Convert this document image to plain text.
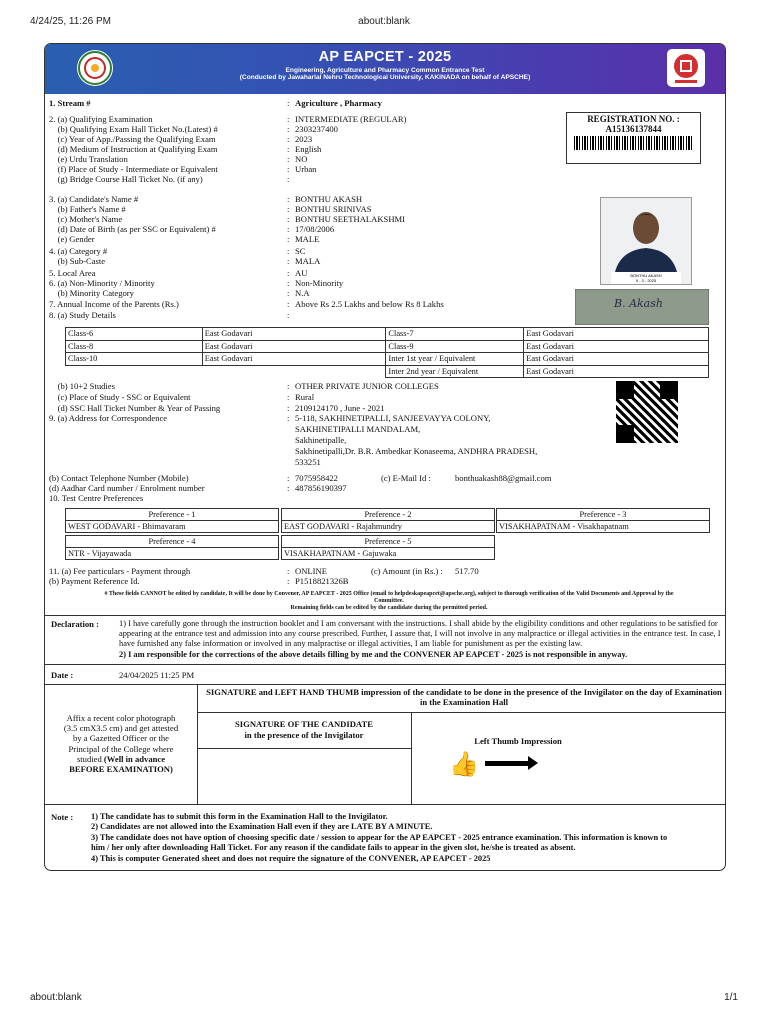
4/24/25, 11:26 PM	about:blank
AP EAPCET - 2025
Engineering, Agriculture and Pharmacy Common Entrance Test
(Conducted by Jawaharlal Nehru Technological University, KAKINADA on behalf of APSCHE)
1. Stream #	: Agriculture , Pharmacy
2. (a) Qualifying Examination	: INTERMEDIATE (REGULAR)
(b) Qualifying Exam Hall Ticket No.(Latest) #	: 2303237400
(c) Year of App./Passing the Qualifying Exam	: 2023
(d) Medium of Instruction at Qualifying Exam	: English
(e) Urdu Translation	: NO
(f) Place of Study - Intermediate or Equivalent	: Urban
(g) Bridge Course Hall Ticket No. (if any)	:
3. (a) Candidate's Name #	: BONTHU AKASH
(b) Father's Name #	: BONTHU SRINIVAS
(c) Mother's Name	: BONTHU SEETHALAKSHMI
(d) Date of Birth (as per SSC or Equivalent) #	: 17/08/2006
(e) Gender	: MALE
4. (a) Category #	: SC
(b) Sub-Caste	: MALA
5. Local Area	: AU
6. (a) Non-Minority / Minority	: Non-Minority
(b) Minority Category	: N.A
7. Annual Income of the Parents (Rs.)	: Above Rs 2.5 Lakhs and below Rs 8 Lakhs
8. (a) Study Details	:
REGISTRATION NO. :
A15136137844
BONTHU AKASH
9 - 3 - 2025
B. Akash
Class-6	East Godavari	Class-7	East Godavari
Class-8	East Godavari	Class-9	East Godavari
Class-10	East Godavari	Inter 1st year / Equivalent	East Godavari
		Inter 2nd year / Equivalent	East Godavari
(b) 10+2 Studies	: OTHER PRIVATE JUNIOR COLLEGES
(c) Place of Study - SSC or Equivalent	: Rural
(d) SSC Hall Ticket Number & Year of Passing	: 2109124170 , June - 2021
9. (a) Address for Correspondence	: 5-118, SAKHINETIPALLI, SANJEEVAYYA COLONY,
SAKHINETIPALLI MANDALAM,
Sakhinetipalle,
Sakhinetipalli,Dr. B.R. Ambedkar Konaseema, ANDHRA PRADESH,
533251
(b) Contact Telephone Number (Mobile)	: 7075958422	(c) E-Mail Id :	bonthuakash88@gmail.com
(d) Aadhar Card number / Enrolment number	: 487856190397
10. Test Centre Preferences
Preference - 1
WEST GODAVARI - Bhimavaram
Preference - 2
EAST GODAVARI - Rajahmundry
Preference - 3
VISAKHAPATNAM - Visakhapatnam
Preference - 4
NTR - Vijayawada
Preference - 5
VISAKHAPATNAM - Gajuwaka
11. (a) Fee particulars - Payment through	: ONLINE	(c) Amount (in Rs.) : 517.70
(b) Payment Reference Id.	: P1518821326B
# These fields CANNOT be edited by candidate, It will be done by Convener, AP EAPCET - 2025 Office (email to helpdeskapeapcet@apsche.org), subject to thorough verification of the Valid Documents and Approval by the
Committee.
Remaining fields can be edited by the candidate during the permitted period.
Declaration : 1) I have carefully gone through the instruction booklet and I am conversant with the instructions. I shall abide by the eligibility conditions and other regulations to be satisfied for appearing at the entrance test and admission into any course prescribed. Further, I assure that, I will not involve in any malpractice or illegal activities in the entrance test. In case, I have furnished any false information or involved in any malpractise or illegal activities, I am liable for punishment as per the existing law.
2) I am responsible for the corrections of the above details filling by me and the CONVENER AP EAPCET - 2025 is not responsible in anyway.
Date :	24/04/2025 11:25 PM
SIGNATURE and LEFT HAND THUMB impression of the candidate to be done in the presence of the Invigilator on the day of Examination in the Examination Hall
SIGNATURE OF THE CANDIDATE
in the presence of the Invigilator
Left Thumb Impression
👍
Affix a recent color photograph
(3.5 cmX3.5 cm) and get attested
by a Gazetted Officer or the
Principal of the College where
studied (Well in advance
BEFORE EXAMINATION)
Note : 1) The candidate has to submit this form in the Examination Hall to the Invigilator.
2) Candidates are not allowed into the Examination Hall even if they are LATE BY A MINUTE.
3) The candidate does not have option of choosing specific date / session to appear for the AP EAPCET - 2025 entrance examination. This information is known to
him / her only after downloading Hall Ticket. For any reason if the candidate fails to appear in the given slot, he/she is treated as absent.
4) This is computer Generated sheet and does not require the signature of the CONVENER, AP EAPCET - 2025
about:blank	1/1
